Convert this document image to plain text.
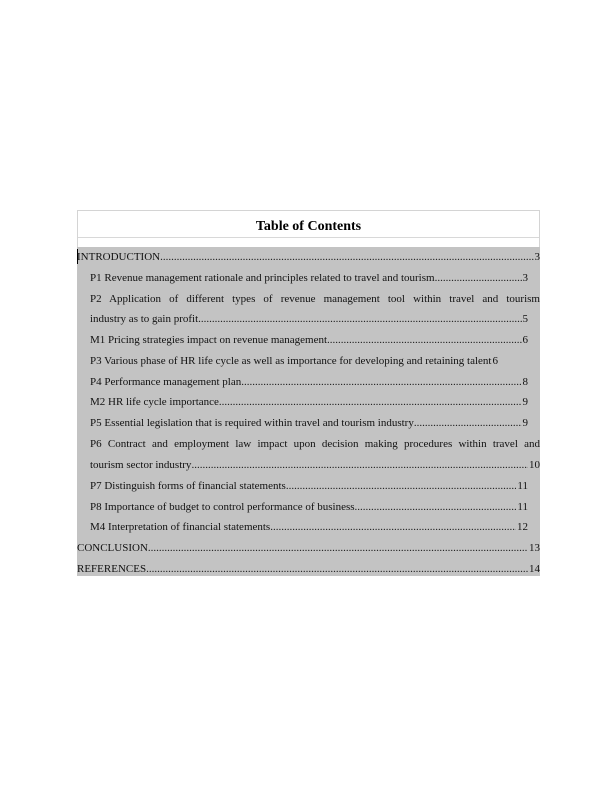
Table of Contents
INTRODUCTION .....	3
P1 Revenue management rationale and principles related to travel and tourism .....	3
P2 Application of different types of revenue management tool within travel and tourism
industry as to gain profit .....	5
M1 Pricing strategies impact on revenue management .....	6
P3 Various phase of HR life cycle as well as importance for developing and retaining talent 6
P4 Performance management plan .....	8
M2 HR life cycle importance .....	9
P5 Essential legislation that is required within travel and tourism industry .....	9
P6 Contract and employment law impact upon decision making procedures within travel and
tourism sector industry .....	10
P7 Distinguish forms of financial statements .....	11
P8 Importance of budget to control performance of business .....	11
M4 Interpretation of financial statements .....	12
CONCLUSION .....	13
REFERENCES .....	14
